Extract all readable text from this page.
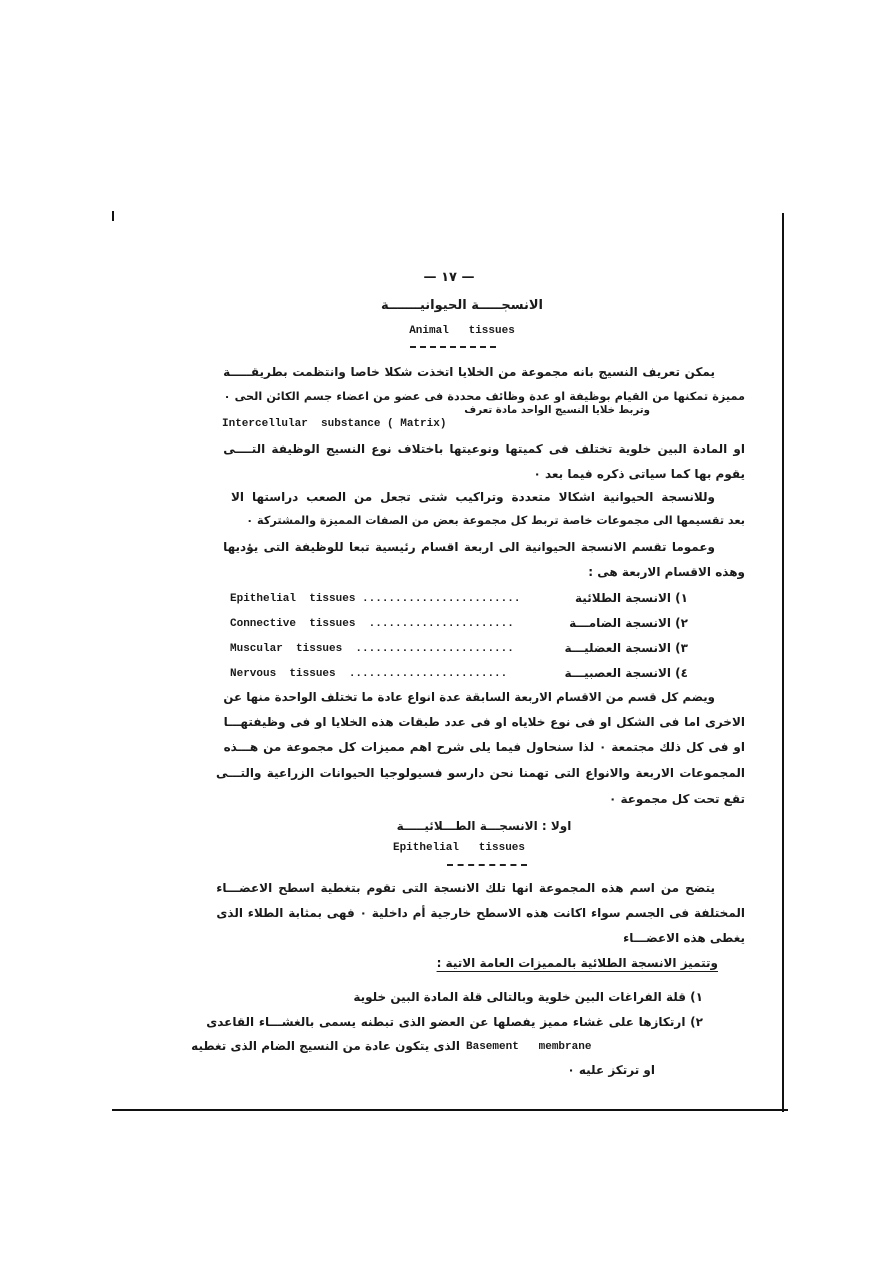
— ١٧ —
الانسجـــــة الحيوانيـــــــة
Animal   tissues
يمكن تعريف النسيج بانه مجموعة من الخلايا اتخذت شكلا خاصا وانتظمت بطريقـــــة
مميزة تمكنها من القيام بوظيفة او عدة وظائف محددة فى عضو من اعضاء جسم الكائن الحى ٠
وتربط خلايا النسيج الواحد مادة تعرف
Intercellular  substance ( Matrix)
او المادة البين خلوية تختلف فى كميتها ونوعيتها باختلاف نوع النسيج الوظيفة التــــى
يقوم بها كما سياتى ذكره فيما بعد ٠
وللانسجة الحيوانية اشكالا متعددة وتراكيب شتى تجعل من الصعب دراستها الا
بعد تقسيمها الى مجموعات خاصة تربط كل مجموعة بعض من الصفات المميزة والمشتركة ٠
وعموما تقسم الانسجة الحيوانية الى اربعة اقسام رئيسية تبعا للوظيفة التى يؤديها
وهذه الاقسام الاربعة هى :
١) الانسجة الطلائية
Epithelial  tissues ........................
٢) الانسجة الضامـــة
Connective  tissues  ......................
٣) الانسجة العضليـــة
Muscular  tissues  ........................
٤) الانسجة العصبيـــة
Nervous  tissues  ........................
ويضم كل قسم من الاقسام الاربعة السابقة عدة انواع عادة ما تختلف الواحدة منها عن
الاخرى اما فى الشكل او فى نوع خلاياه او فى عدد طبقات هذه الخلايا او فى وظيفتهـــا
او فى كل ذلك مجتمعة ٠ لذا سنحاول فيما يلى شرح اهم مميزات كل مجموعة من هـــذه
المجموعات الاربعة والانواع التى تهمنا نحن دارسو فسيولوجيا الحيوانات الزراعية والتـــى
تقع تحت كل مجموعة ٠
اولا : الانسجـــة الطـــلائيـــــة
Epithelial   tissues
يتضح من اسم هذه المجموعة انها تلك الانسجة التى تقوم بتغطية اسطح الاعضـــاء
المختلفة فى الجسم سواء اكانت هذه الاسطح خارجية أم داخلية ٠ فهى بمثابة الطلاء الذى
يغطى هذه الاعضـــاء
وتتميز الانسجة الطلائية بالمميزات العامة الاتية :
١) قلة الفراغات البين خلوية وبالتالى قلة المادة البين خلوية
٢) ارتكازها على غشاء مميز يفصلها عن العضو الذى تبطنه يسمى بالغشـــاء القاعدى
Basement   membrane
الذى يتكون عادة من النسيج الضام الذى تغطيه
او ترتكز عليه ٠
